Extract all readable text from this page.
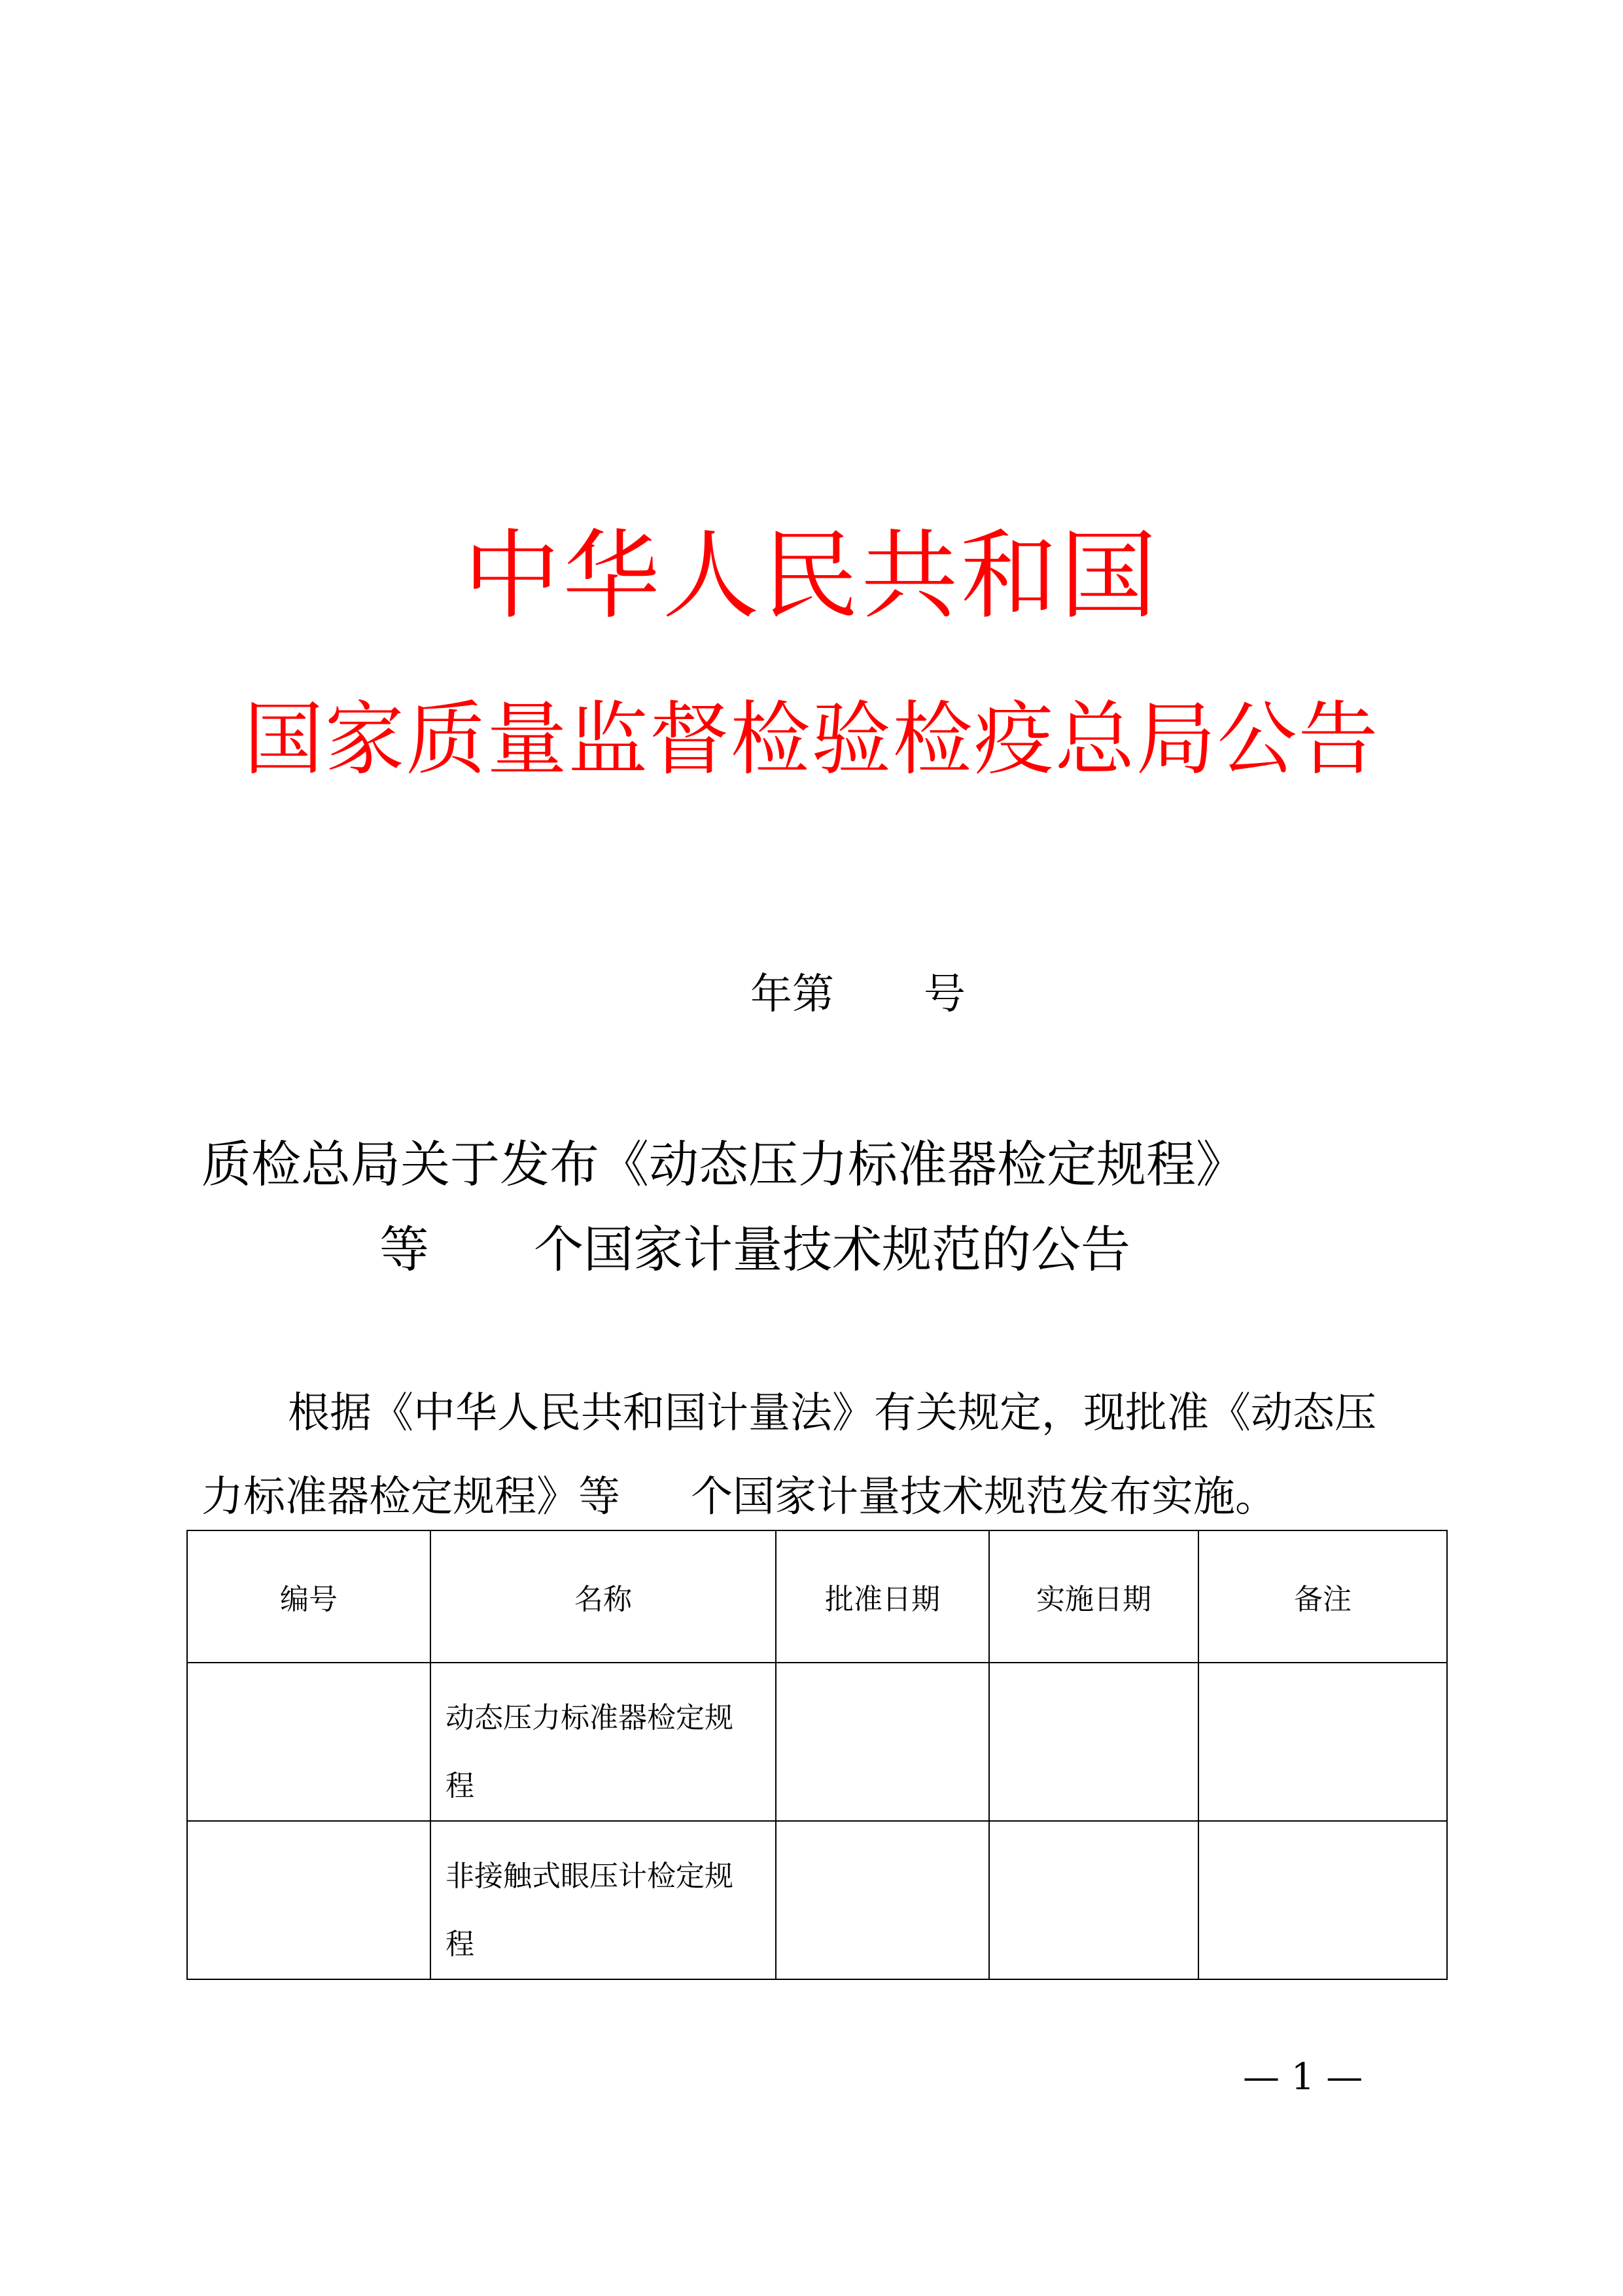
中华人民共和国
国家质量监督检验检疫总局公告
年第 号
质检总局关于发布《动态压力标准器检定规程》
等 个国家计量技术规范的公告
根据《中华人民共和国计量法》有关规定，现批准《动态压
力标准器检定规程》等 个国家计量技术规范发布实施。
编号	名称	批准日期	实施日期	备注

	动态压力标准器检定规
程			

	非接触式眼压计检定规
程			

— 1 —
